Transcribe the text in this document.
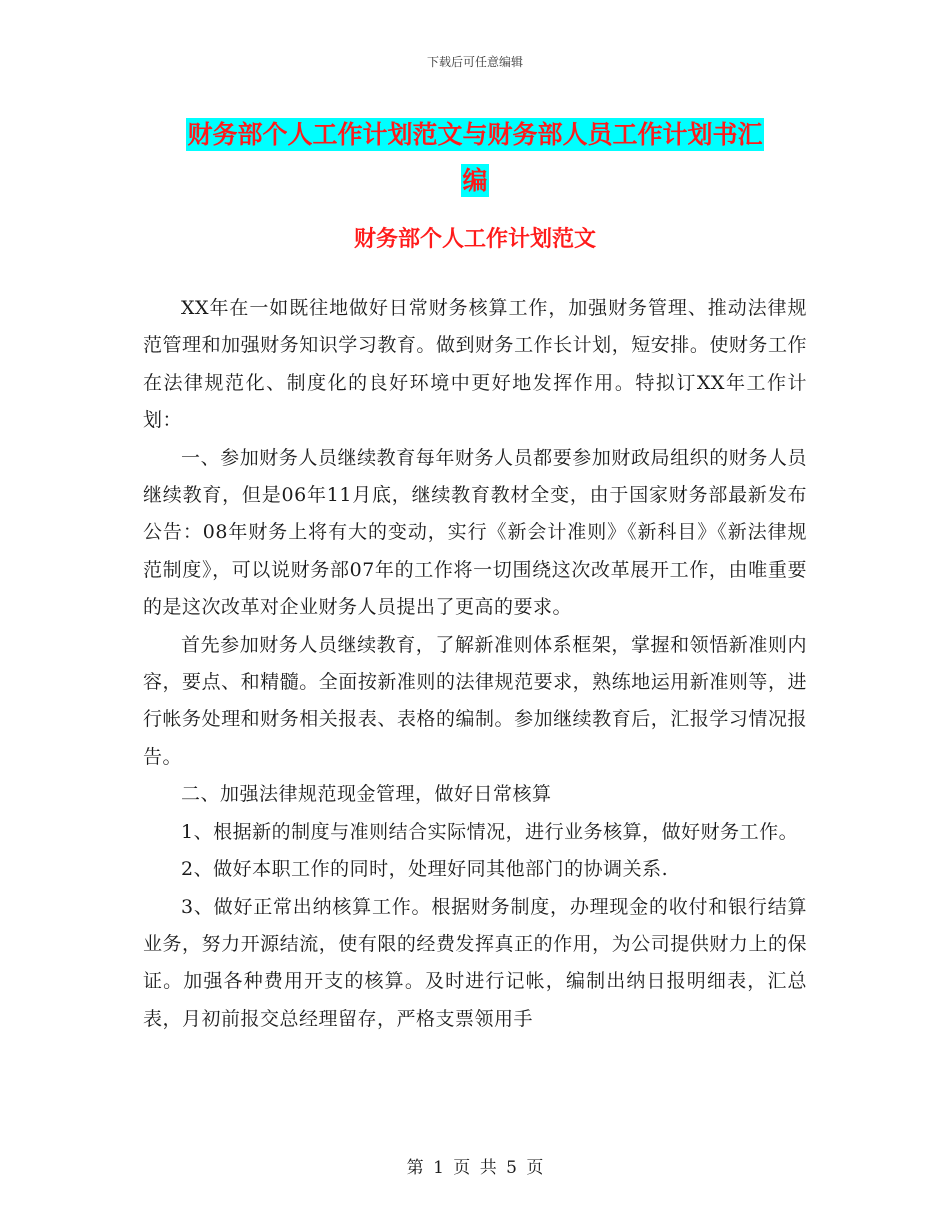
下载后可任意编辑
财务部个人工作计划范文与财务部人员工作计划书汇
编
财务部个人工作计划范文

XX年在一如既往地做好日常财务核算工作，加强财务管理、推动法律规范管理和加强财务知识学习教育。做到财务工作长计划，短安排。使财务工作在法律规范化、制度化的良好环境中更好地发挥作用。特拟订XX年工作计划：

一、参加财务人员继续教育每年财务人员都要参加财政局组织的财务人员继续教育，但是06年11月底，继续教育教材全变，由于国家财务部最新发布公告：08年财务上将有大的变动，实行《新会计准则》《新科目》《新法律规范制度》，可以说财务部07年的工作将一切围绕这次改革展开工作，由唯重要的是这次改革对企业财务人员提出了更高的要求。

首先参加财务人员继续教育，了解新准则体系框架，掌握和领悟新准则内容，要点、和精髓。全面按新准则的法律规范要求，熟练地运用新准则等，进行帐务处理和财务相关报表、表格的编制。参加继续教育后，汇报学习情况报告。

二、加强法律规范现金管理，做好日常核算

1、根据新的制度与准则结合实际情况，进行业务核算，做好财务工作。

2、做好本职工作的同时，处理好同其他部门的协调关系.

3、做好正常出纳核算工作。根据财务制度，办理现金的收付和银行结算业务，努力开源结流，使有限的经费发挥真正的作用，为公司提供财力上的保证。加强各种费用开支的核算。及时进行记帐，编制出纳日报明细表，汇总表，月初前报交总经理留存，严格支票领用手

第 1 页 共 5 页
